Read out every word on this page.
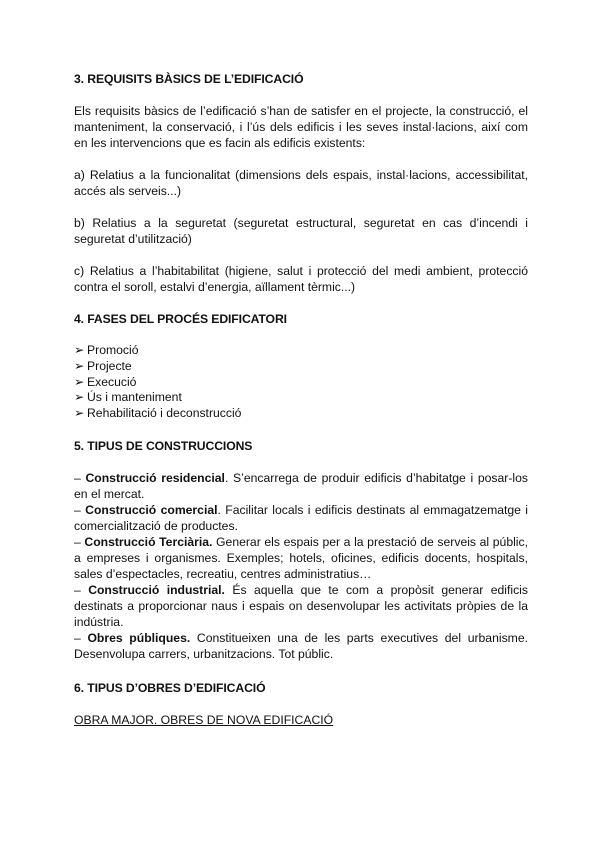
3. REQUISITS BÀSICS DE L’EDIFICACIÓ
Els requisits bàsics de l’edificació s’han de satisfer en el projecte, la construcció, el manteniment, la conservació, i l’ús dels edificis i les seves instal·lacions, així com en les intervencions que es facin als edificis existents:
a) Relatius a la funcionalitat (dimensions dels espais, instal·lacions, accessibilitat, accés als serveis...)
b) Relatius a la seguretat (seguretat estructural, seguretat en cas d’incendi i seguretat d’utilització)
c) Relatius a l’habitabilitat (higiene, salut i protecció del medi ambient, protecció contra el soroll, estalvi d’energia, aïllament tèrmic...)
4. FASES DEL PROCÉS EDIFICATORI
➢ Promoció
➢ Projecte
➢ Execució
➢ Ús i manteniment
➢ Rehabilitació i deconstrucció
5. TIPUS DE CONSTRUCCIONS
– Construcció residencial. S’encarrega de produir edificis d’habitatge i posar-los en el mercat.
– Construcció comercial. Facilitar locals i edificis destinats al emmagatzematge i comercialització de productes.
– Construcció Terciària. Generar els espais per a la prestació de serveis al públic, a empreses i organismes. Exemples; hotels, oficines, edificis docents, hospitals, sales d’espectacles, recreatiu, centres administratius…
– Construcció industrial. És aquella que te com a propòsit generar edificis destinats a proporcionar naus i espais on desenvolupar les activitats pròpies de la indústria.
– Obres públiques. Constitueixen una de les parts executives del urbanisme. Desenvolupa carrers, urbanitzacions. Tot públic.
6. TIPUS D’OBRES D’EDIFICACIÓ
OBRA MAJOR. OBRES DE NOVA EDIFICACIÓ
